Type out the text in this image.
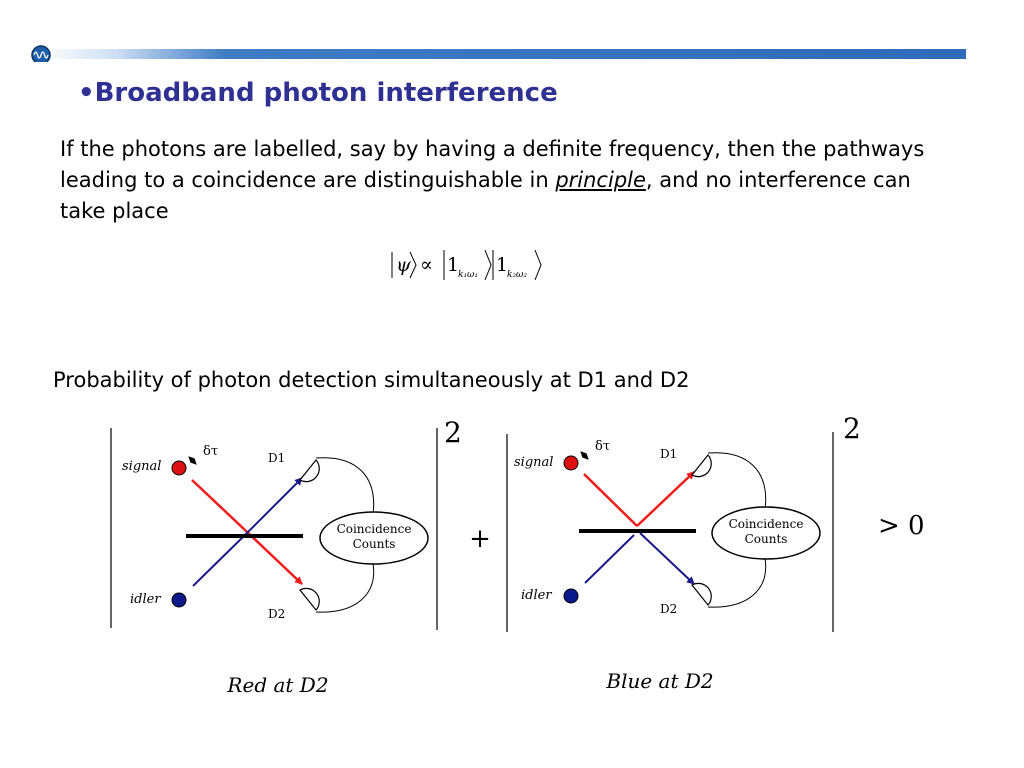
•Broadband photon interference
If the photons are labelled, say by having a definite frequency, then the pathways leading to a coincidence are distinguishable in principle, and no interference can take place
ψ ∝ 1
k₁ω₁ 1
k₂ω₂
Probability of photon detection simultaneously at D1 and D2
2
signal
idler
δτ	D1
D2
Coincidence
Counts
Red at D2
+
2
signal
idler
δτ	D1
D2
Coincidence
Counts
Blue at D2
> 0
